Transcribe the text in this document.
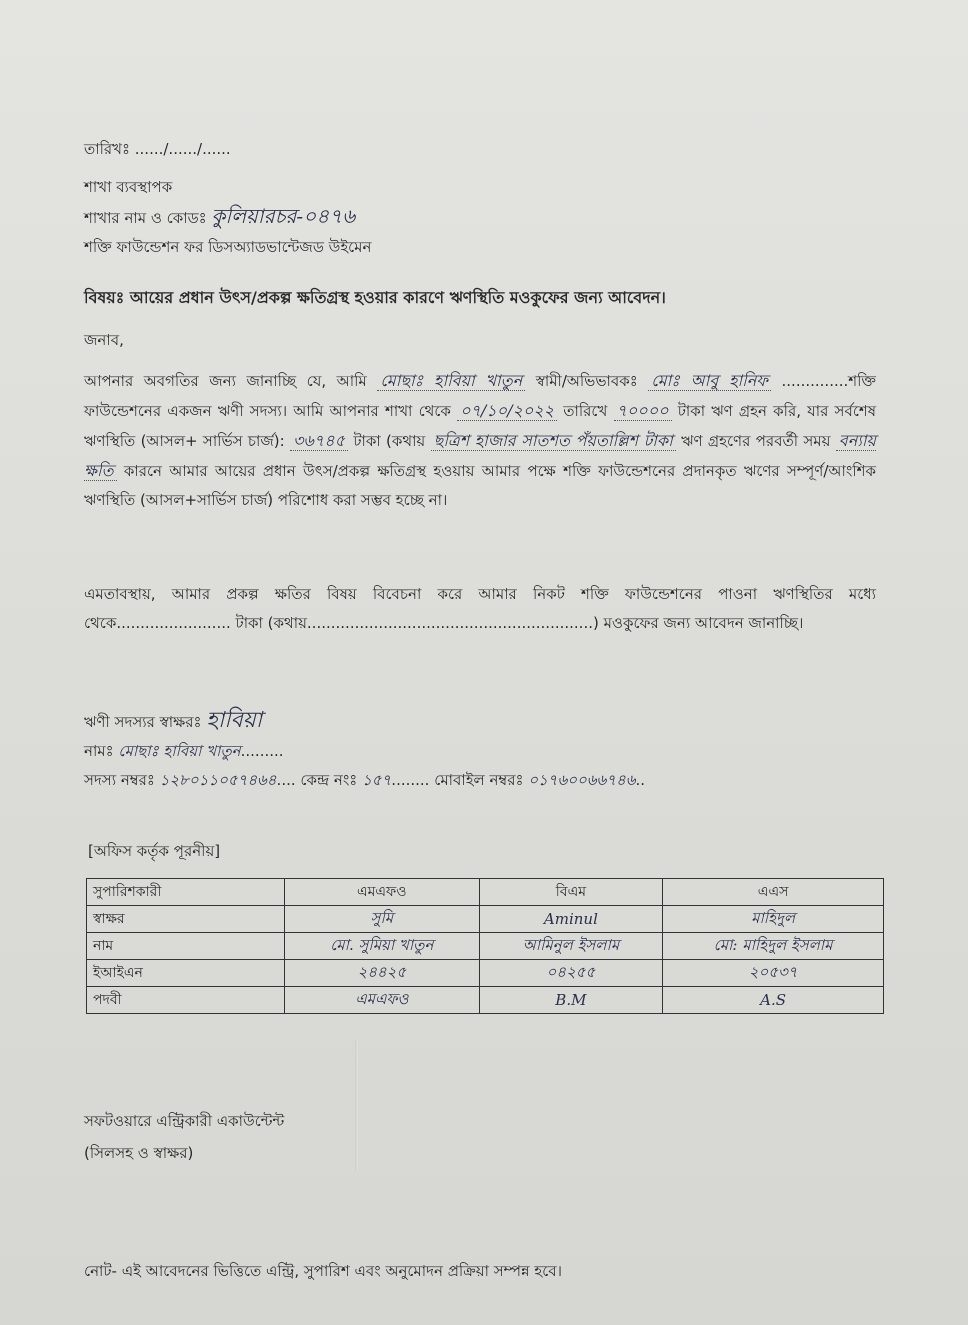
তারিখঃ ....../....../......
শাখা ব্যবস্থাপক
শাখার নাম ও কোডঃ কুলিয়ারচর-০৪৭৬
শক্তি ফাউন্ডেশন ফর ডিসঅ্যাডভান্টেজড উইমেন
বিষয়ঃ আয়ের প্রধান উৎস/প্রকল্প ক্ষতিগ্রস্থ হওয়ার কারণে ঋণস্থিতি মওকুফের জন্য আবেদন।
জনাব,
আপনার অবগতির জন্য জানাচ্ছি যে, আমি মোছাঃ হাবিয়া খাতুন স্বামী/অভিভাবকঃ মোঃ আবু হানিফ ..............শক্তি ফাউন্ডেশনের একজন ঋণী সদস্য। আমি আপনার শাখা থেকে ০৭/১০/২০২২ তারিখে ৭০০০০ টাকা ঋণ গ্রহন করি, যার সর্বশেষ ঋণস্থিতি (আসল+ সার্ভিস চার্জ): ৩৬৭৪৫ টাকা (কথায় ছত্রিশ হাজার সাতশত পঁয়তাল্লিশ টাকা ঋণ গ্রহণের পরবর্তী সময় বন্যায় ক্ষতি কারনে আমার আয়ের প্রধান উৎস/প্রকল্প ক্ষতিগ্রস্থ হওয়ায় আমার পক্ষে শক্তি ফাউন্ডেশনের প্রদানকৃত ঋণের সম্পূর্ণ/আংশিক ঋণস্থিতি (আসল+সার্ভিস চার্জ) পরিশোধ করা সম্ভব হচ্ছে না।
এমতাবস্থায়, আমার প্রকল্প ক্ষতির বিষয় বিবেচনা করে আমার নিকট শক্তি ফাউন্ডেশনের পাওনা ঋণস্থিতির মধ্যে থেকে........................ টাকা (কথায়............................................................) মওকুফের জন্য আবেদন জানাচ্ছি।
ঋণী সদস্যর স্বাক্ষরঃ হাবিয়া
নামঃ মোছাঃ হাবিয়া খাতুন.........
সদস্য নম্বরঃ ১২৮০১১০৫৭৪৬৪.... কেন্দ্র নংঃ ১৫৭........ মোবাইল নম্বরঃ ০১৭৬০০৬৬৭৪৬..
[অফিস কর্তৃক পূরনীয়]
সুপারিশকারী	এমএফও	বিএম	এএস
স্বাক্ষর	সুমি	Aminul	মাহিদুল
নাম	মো. সুমিয়া খাতুন	আমিনুল ইসলাম	মো: মাহিদুল ইসলাম
ইআইএন	২৪৪২৫	০৪২৫৫	২০৫৩৭
পদবী	এমএফও	B.M	A.S
সফটওয়ারে এন্ট্রিকারী একাউন্টেন্ট
(সিলসহ ও স্বাক্ষর)
নোট- এই আবেদনের ভিত্তিতে এন্ট্রি, সুপারিশ এবং অনুমোদন প্রক্রিয়া সম্পন্ন হবে।
